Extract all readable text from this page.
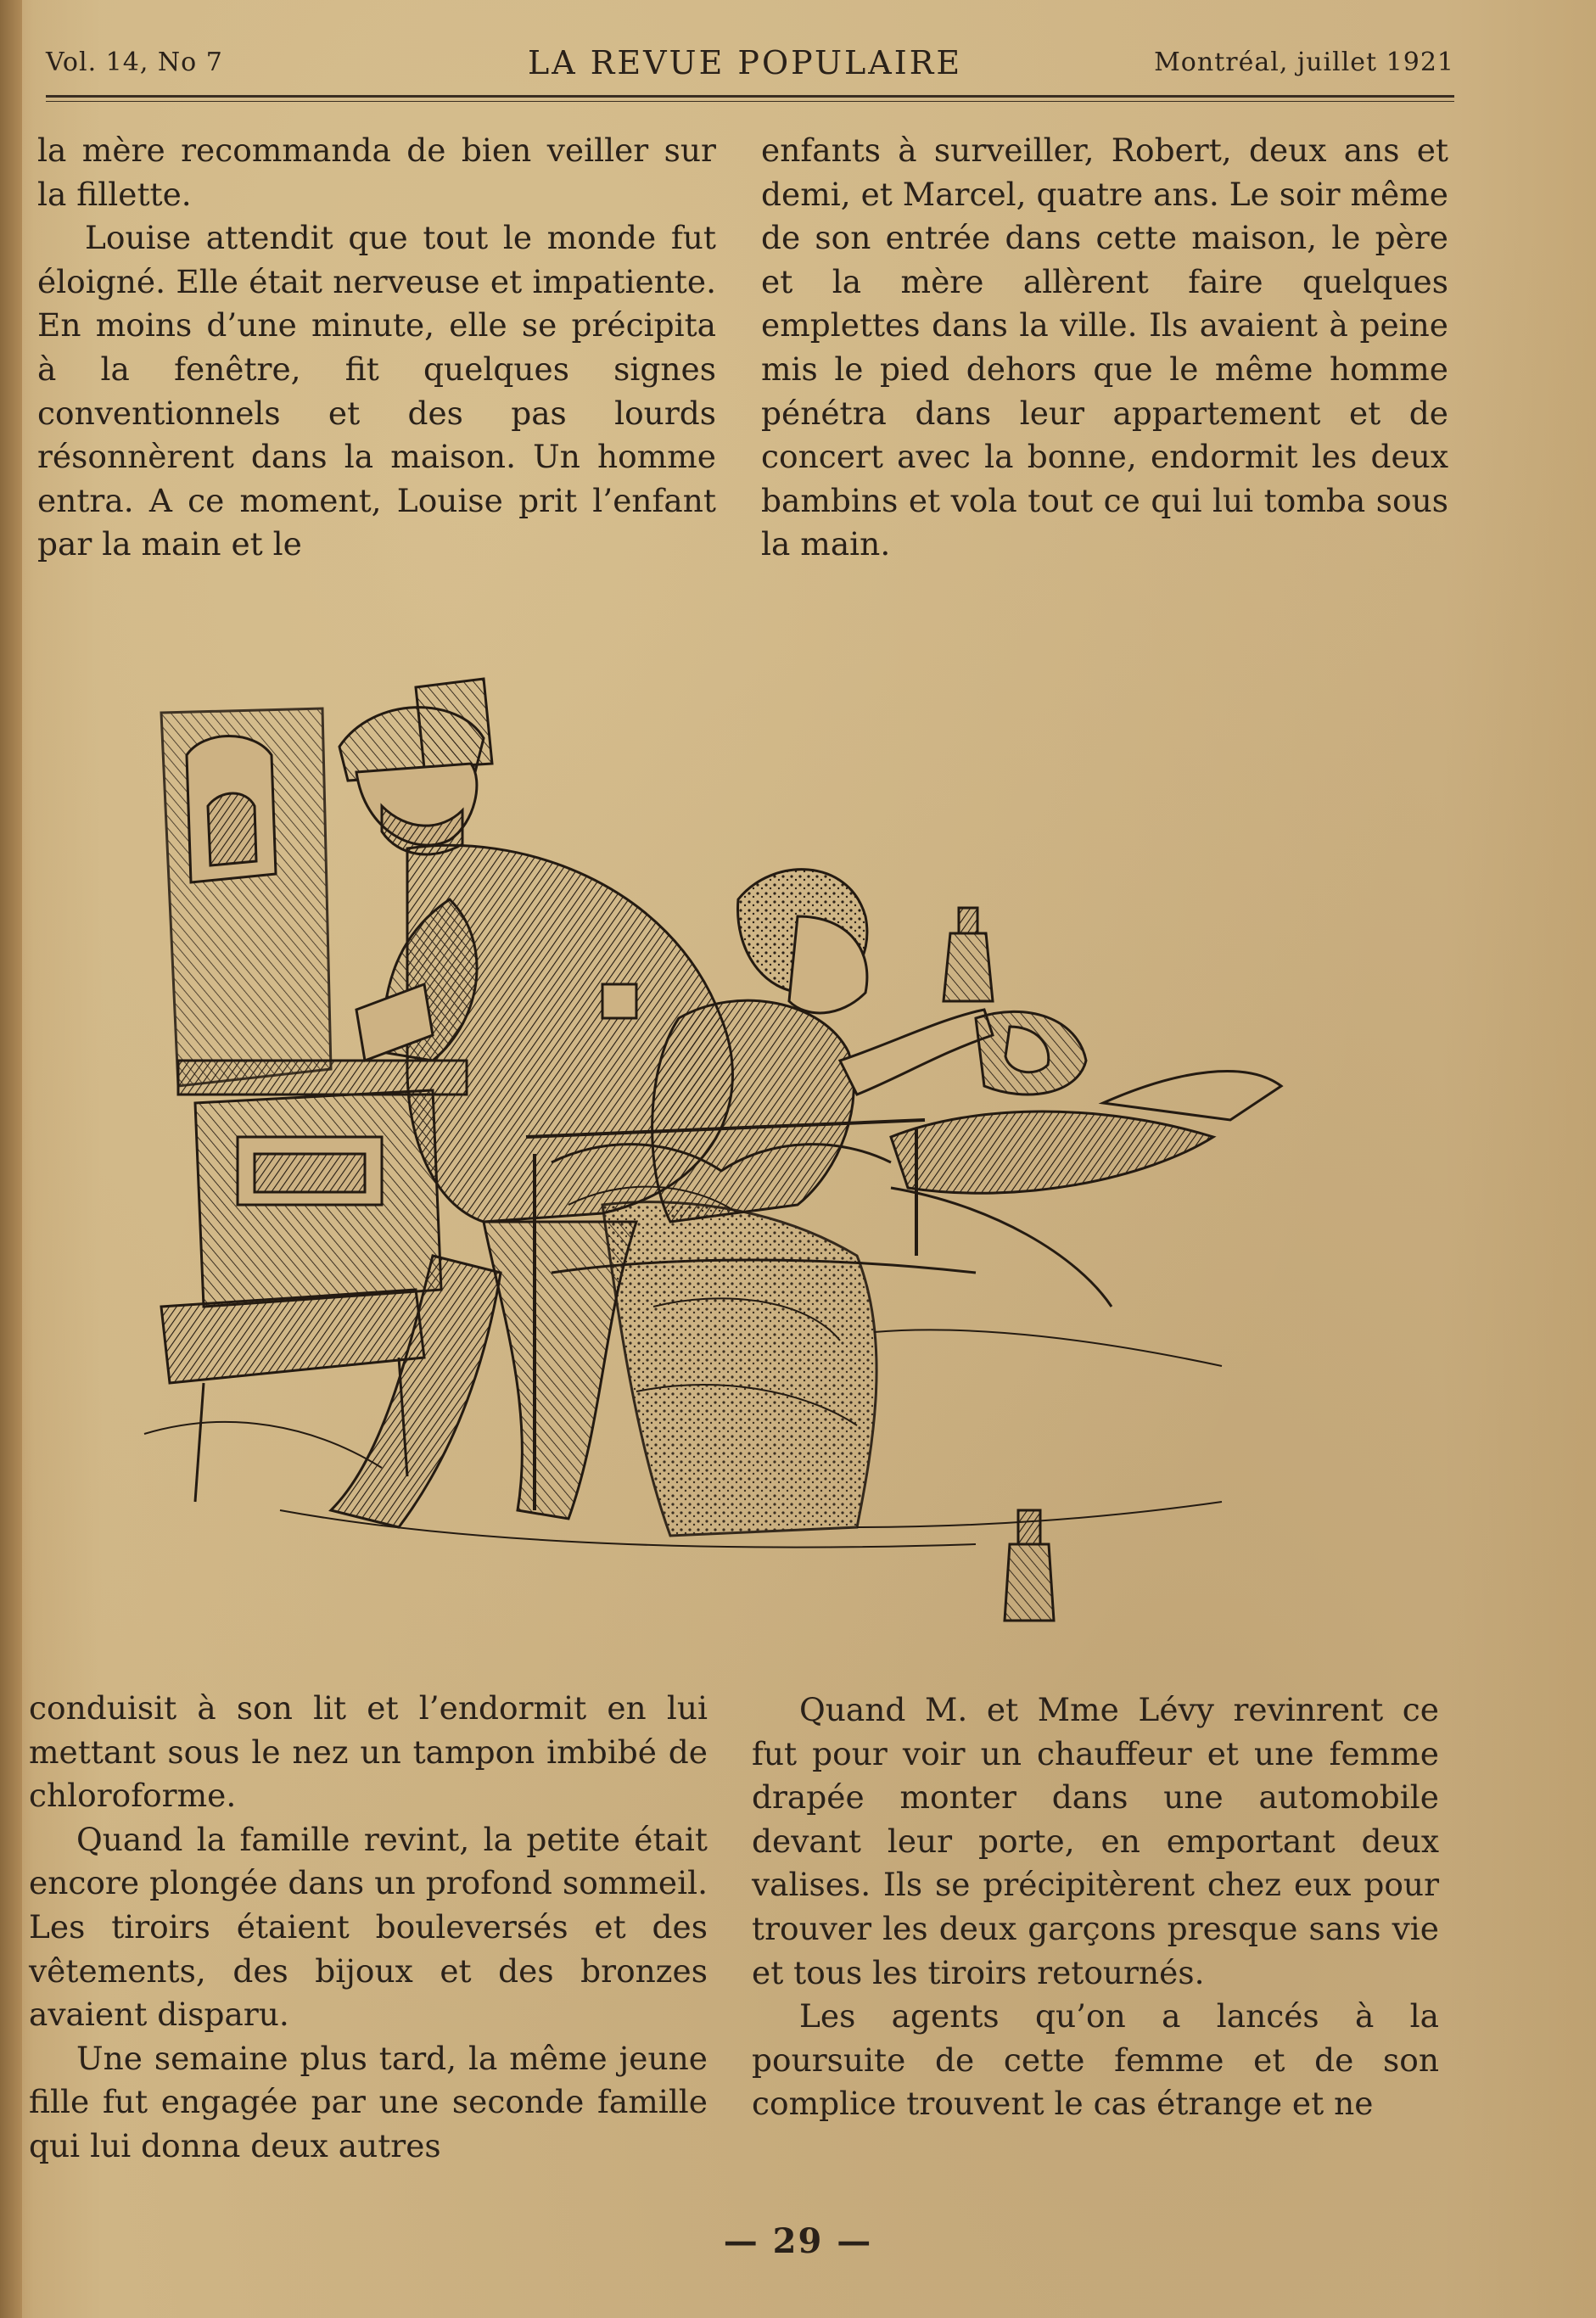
Vol. 14, No 7	LA REVUE POPULAIRE	Montréal, juillet 1921

la mère recommanda de bien veiller sur la fillette.

Louise attendit que tout le monde fut éloigné. Elle était nerveuse et impatiente. En moins d’une minute, elle se précipita à la fenêtre, fit quelques signes conventionnels et des pas lourds résonnèrent dans la maison. Un homme entra. A ce moment, Louise prit l’enfant par la main et le

enfants à surveiller, Robert, deux ans et demi, et Marcel, quatre ans. Le soir même de son entrée dans cette maison, le père et la mère allèrent faire quelques emplettes dans la ville. Ils avaient à peine mis le pied dehors que le même homme pénétra dans leur appartement et de concert avec la bonne, endormit les deux bambins et vola tout ce qui lui tomba sous la main.

conduisit à son lit et l’endormit en lui mettant sous le nez un tampon imbibé de chloroforme.

Quand la famille revint, la petite était encore plongée dans un profond sommeil. Les tiroirs étaient bouleversés et des vêtements, des bijoux et des bronzes avaient disparu.

Une semaine plus tard, la même jeune fille fut engagée par une seconde famille qui lui donna deux autres

Quand M. et Mme Lévy revinrent ce fut pour voir un chauffeur et une femme drapée monter dans une automobile devant leur porte, en emportant deux valises. Ils se précipitèrent chez eux pour trouver les deux garçons presque sans vie et tous les tiroirs retournés.

Les agents qu’on a lancés à la poursuite de cette femme et de son complice trouvent le cas étrange et ne

— 29 —
